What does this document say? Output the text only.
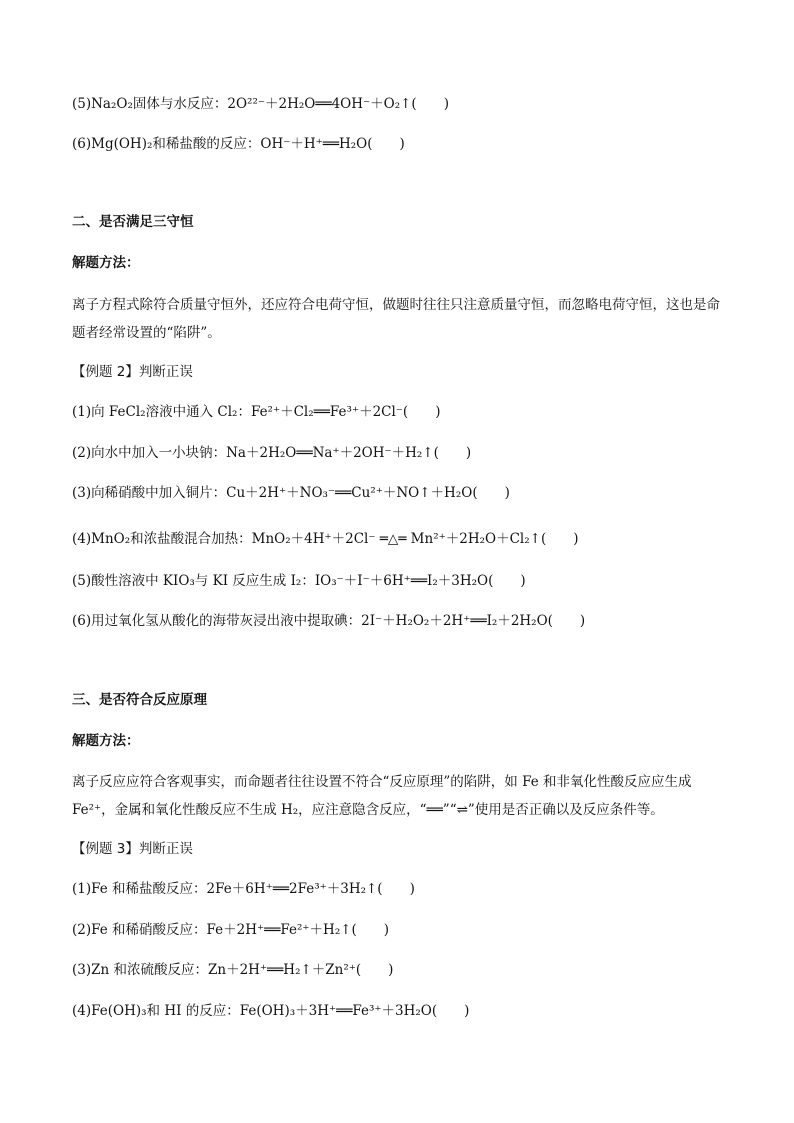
(5)Na₂O₂固体与水反应：2O²²⁻＋2H₂O══4OH⁻＋O₂↑(　　)
(6)Mg(OH)₂和稀盐酸的反应：OH⁻＋H⁺══H₂O(　　)
二、是否满足三守恒
解题方法：
离子方程式除符合质量守恒外，还应符合电荷守恒，做题时往往只注意质量守恒，而忽略电荷守恒，这也是命题者经常设置的“陷阱”。
【例题 2】判断正误
(1)向 FeCl₂溶液中通入 Cl₂：Fe²⁺＋Cl₂══Fe³⁺＋2Cl⁻(　　)
(2)向水中加入一小块钠：Na＋2H₂O══Na⁺＋2OH⁻＋H₂↑(　　)
(3)向稀硝酸中加入铜片：Cu＋2H⁺＋NO₃⁻══Cu²⁺＋NO↑＋H₂O(　　)
(4)MnO₂和浓盐酸混合加热：MnO₂＋4H⁺＋2Cl⁻ ═△═ Mn²⁺＋2H₂O＋Cl₂↑(　　)
(5)酸性溶液中 KIO₃与 KI 反应生成 I₂：IO₃⁻＋I⁻＋6H⁺══I₂＋3H₂O(　　)
(6)用过氧化氢从酸化的海带灰浸出液中提取碘：2I⁻＋H₂O₂＋2H⁺══I₂＋2H₂O(　　)
三、是否符合反应原理
解题方法：
离子反应应符合客观事实，而命题者往往设置不符合“反应原理”的陷阱，如 Fe 和非氧化性酸反应应生成 Fe²⁺，金属和氧化性酸反应不生成 H₂，应注意隐含反应，“══”“⇌”使用是否正确以及反应条件等。
【例题 3】判断正误
(1)Fe 和稀盐酸反应：2Fe＋6H⁺══2Fe³⁺＋3H₂↑(　　)
(2)Fe 和稀硝酸反应：Fe＋2H⁺══Fe²⁺＋H₂↑(　　)
(3)Zn 和浓硫酸反应：Zn＋2H⁺══H₂↑＋Zn²⁺(　　)
(4)Fe(OH)₃和 HI 的反应：Fe(OH)₃＋3H⁺══Fe³⁺＋3H₂O(　　)
